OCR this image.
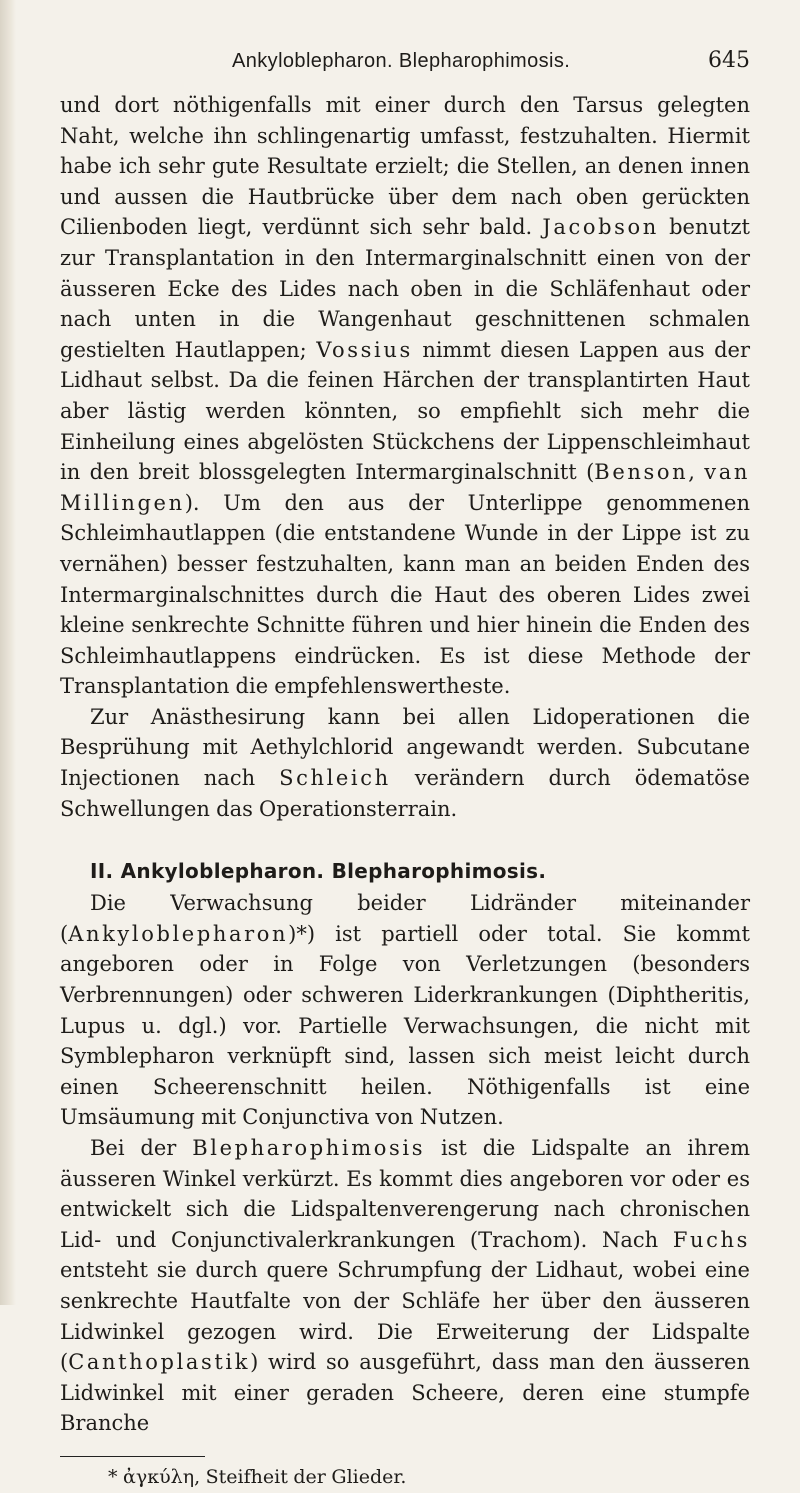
Ankyloblepharon. Blepharophimosis.	645

und dort nöthigenfalls mit einer durch den Tarsus gelegten Naht, welche ihn schlingenartig umfasst, festzuhalten. Hiermit habe ich sehr gute Resultate erzielt; die Stellen, an denen innen und aussen die Hautbrücke über dem nach oben gerückten Cilienboden liegt, verdünnt sich sehr bald. Jacobson benutzt zur Transplantation in den Intermarginalschnitt einen von der äusseren Ecke des Lides nach oben in die Schläfenhaut oder nach unten in die Wangenhaut geschnittenen schmalen gestielten Hautlappen; Vossius nimmt diesen Lappen aus der Lidhaut selbst. Da die feinen Härchen der transplantirten Haut aber lästig werden könnten, so empfiehlt sich mehr die Einheilung eines abgelösten Stückchens der Lippenschleimhaut in den breit blossgelegten Intermarginalschnitt (Benson, van Millingen). Um den aus der Unterlippe genommenen Schleimhautlappen (die entstandene Wunde in der Lippe ist zu vernähen) besser festzuhalten, kann man an beiden Enden des Intermarginalschnittes durch die Haut des oberen Lides zwei kleine senkrechte Schnitte führen und hier hinein die Enden des Schleimhautlappens eindrücken. Es ist diese Methode der Transplantation die empfehlenswertheste.

Zur Anästhesirung kann bei allen Lidoperationen die Besprühung mit Aethylchlorid angewandt werden. Subcutane Injectionen nach Schleich verändern durch ödematöse Schwellungen das Operationsterrain.

II. Ankyloblepharon. Blepharophimosis.

Die Verwachsung beider Lidränder miteinander (Ankyloblepharon)*) ist partiell oder total. Sie kommt angeboren oder in Folge von Verletzungen (besonders Verbrennungen) oder schweren Liderkrankungen (Diphtheritis, Lupus u. dgl.) vor. Partielle Verwachsungen, die nicht mit Symblepharon verknüpft sind, lassen sich meist leicht durch einen Scheerenschnitt heilen. Nöthigenfalls ist eine Umsäumung mit Conjunctiva von Nutzen.

Bei der Blepharophimosis ist die Lidspalte an ihrem äusseren Winkel verkürzt. Es kommt dies angeboren vor oder es entwickelt sich die Lidspaltenverengerung nach chronischen Lid- und Conjunctivalerkrankungen (Trachom). Nach Fuchs entsteht sie durch quere Schrumpfung der Lidhaut, wobei eine senkrechte Hautfalte von der Schläfe her über den äusseren Lidwinkel gezogen wird. Die Erweiterung der Lidspalte (Canthoplastik) wird so ausgeführt, dass man den äusseren Lidwinkel mit einer geraden Scheere, deren eine stumpfe Branche

* ἀγκύλη, Steifheit der Glieder.
